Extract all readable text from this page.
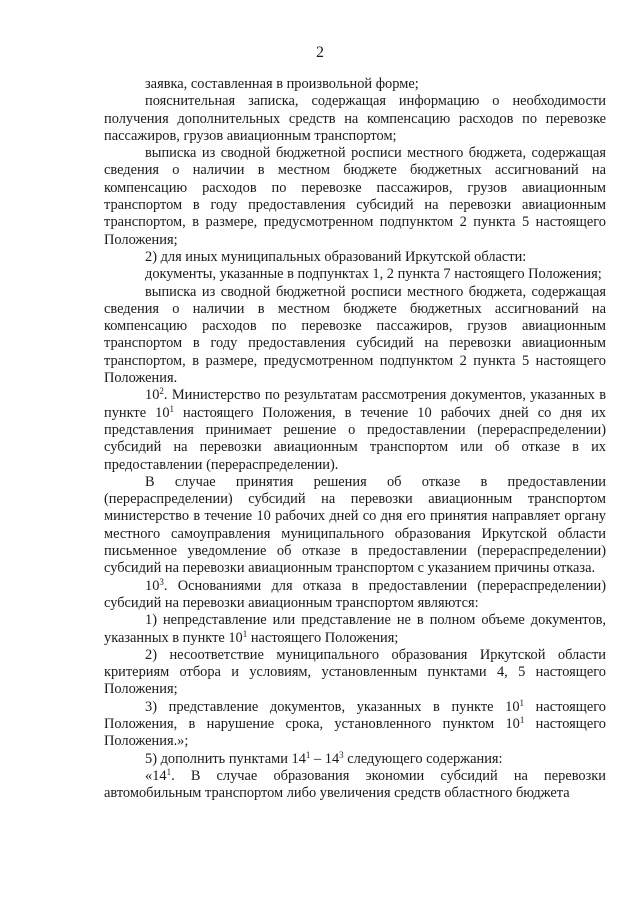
2

заявка, составленная в произвольной форме;

пояснительная записка, содержащая информацию о необходимости получения дополнительных средств на компенсацию расходов по перевозке пассажиров, грузов авиационным транспортом;

выписка из сводной бюджетной росписи местного бюджета, содержащая сведения о наличии в местном бюджете бюджетных ассигнований на компенсацию расходов по перевозке пассажиров, грузов авиационным транспортом в году предоставления субсидий на перевозки авиационным транспортом, в размере, предусмотренном подпунктом 2 пункта 5 настоящего Положения;

2) для иных муниципальных образований Иркутской области:

документы, указанные в подпунктах 1, 2 пункта 7 настоящего Положения;

выписка из сводной бюджетной росписи местного бюджета, содержащая сведения о наличии в местном бюджете бюджетных ассигнований на компенсацию расходов по перевозке пассажиров, грузов авиационным транспортом в году предоставления субсидий на перевозки авиационным транспортом, в размере, предусмотренном подпунктом 2 пункта 5 настоящего Положения.

$10^2$. Министерство по результатам рассмотрения документов, указанных в пункте $10^1$ настоящего Положения, в течение 10 рабочих дней со дня их представления принимает решение о предоставлении (перераспределении) субсидий на перевозки авиационным транспортом или об отказе в их предоставлении (перераспределении).

В случае принятия решения об отказе в предоставлении (перераспределении) субсидий на перевозки авиационным транспортом министерство в течение 10 рабочих дней со дня его принятия направляет органу местного самоуправления муниципального образования Иркутской области письменное уведомление об отказе в предоставлении (перераспределении) субсидий на перевозки авиационным транспортом с указанием причины отказа.

$10^3$. Основаниями для отказа в предоставлении (перераспределении) субсидий на перевозки авиационным транспортом являются:

1) непредставление или представление не в полном объеме документов, указанных в пункте $10^1$ настоящего Положения;

2) несоответствие муниципального образования Иркутской области критериям отбора и условиям, установленным пунктами 4, 5 настоящего Положения;

3) представление документов, указанных в пункте $10^1$ настоящего Положения, в нарушение срока, установленного пунктом $10^1$ настоящего Положения.»;

5) дополнить пунктами $14^1 - 14^3$ следующего содержания:

«$14^1$. В случае образования экономии субсидий на перевозки автомобильным транспортом либо увеличения средств областного бюджета
